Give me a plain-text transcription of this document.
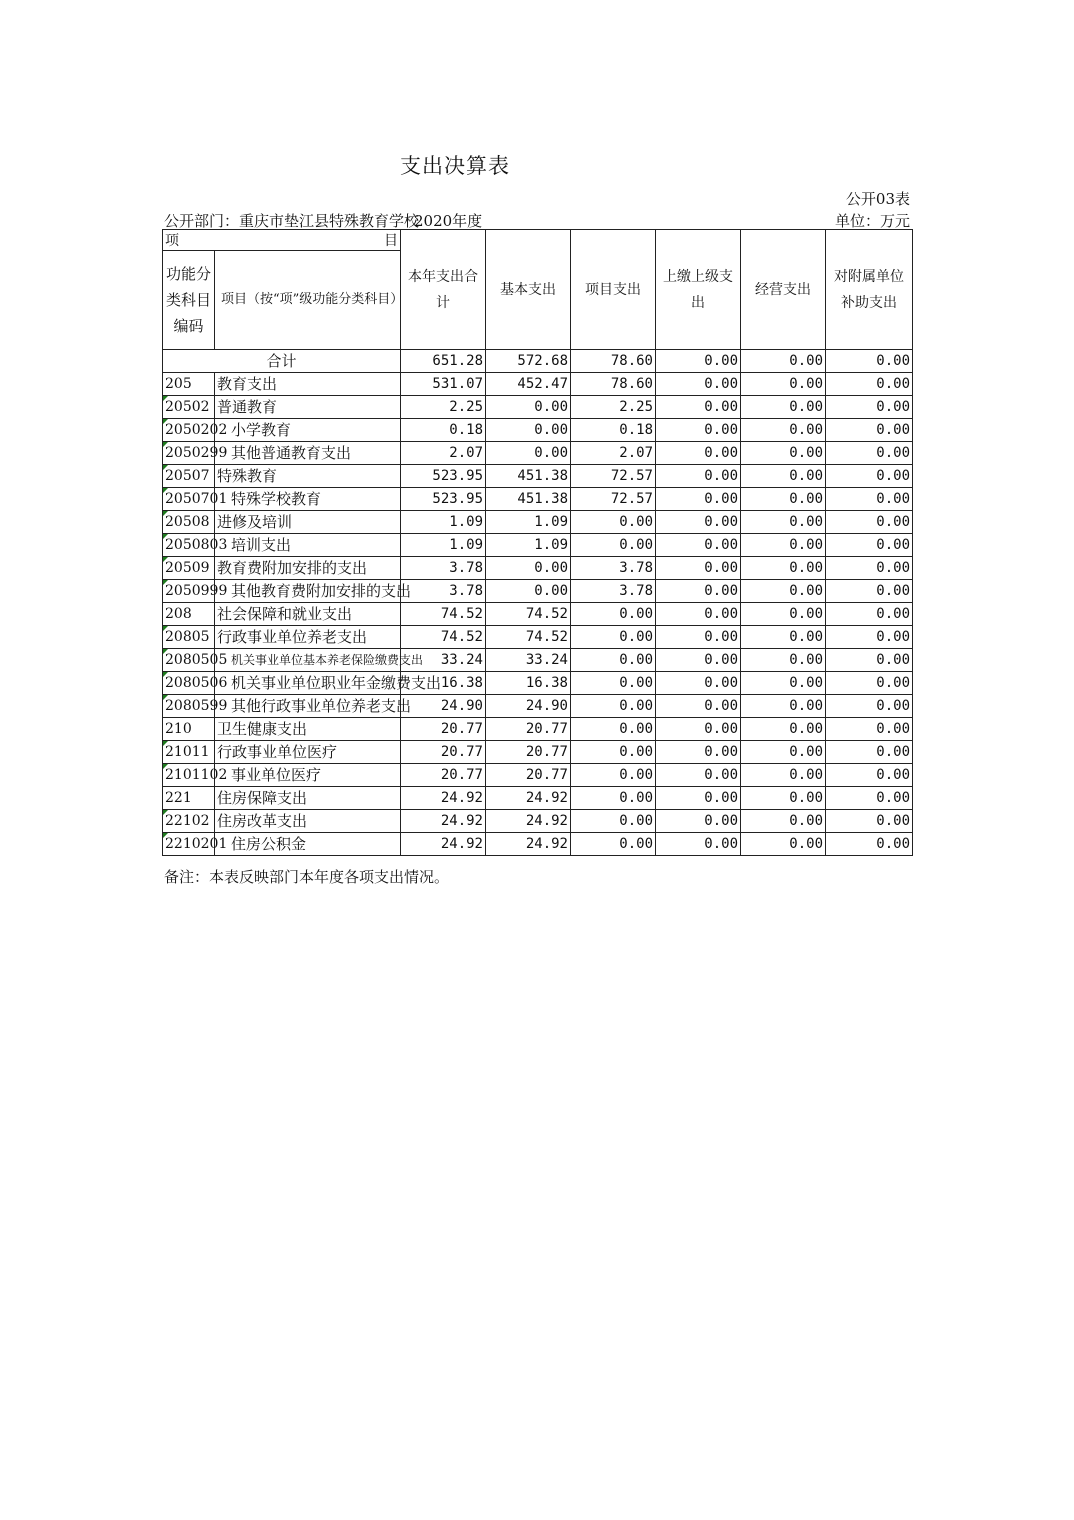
支出决算表
公开03表
公开部门：重庆市垫江县特殊教育学校
2020年度	单位：万元
项 目		本年支出合计	基本支出	项目支出	上缴上级支出	经营支出	对附属单位补助支出
功能分类科目编码	项目（按“项”级功能分类科目）						
合计		651.28	572.68	78.60	0.00	0.00	0.00
205	教育支出	531.07	452.47	78.60	0.00	0.00	0.00
20502	普通教育	2.25	0.00	2.25	0.00	0.00	0.00
2050202	小学教育	0.18	0.00	0.18	0.00	0.00	0.00
2050299	其他普通教育支出	2.07	0.00	2.07	0.00	0.00	0.00
20507	特殊教育	523.95	451.38	72.57	0.00	0.00	0.00
2050701	特殊学校教育	523.95	451.38	72.57	0.00	0.00	0.00
20508	进修及培训	1.09	1.09	0.00	0.00	0.00	0.00
2050803	培训支出	1.09	1.09	0.00	0.00	0.00	0.00
20509	教育费附加安排的支出	3.78	0.00	3.78	0.00	0.00	0.00
2050999	其他教育费附加安排的支出	3.78	0.00	3.78	0.00	0.00	0.00
208	社会保障和就业支出	74.52	74.52	0.00	0.00	0.00	0.00
20805	行政事业单位养老支出	74.52	74.52	0.00	0.00	0.00	0.00
2080505	机关事业单位基本养老保险缴费支出	33.24	33.24	0.00	0.00	0.00	0.00
2080506	机关事业单位职业年金缴费支出	16.38	16.38	0.00	0.00	0.00	0.00
2080599	其他行政事业单位养老支出	24.90	24.90	0.00	0.00	0.00	0.00
210	卫生健康支出	20.77	20.77	0.00	0.00	0.00	0.00
21011	行政事业单位医疗	20.77	20.77	0.00	0.00	0.00	0.00
2101102	事业单位医疗	20.77	20.77	0.00	0.00	0.00	0.00
221	住房保障支出	24.92	24.92	0.00	0.00	0.00	0.00
22102	住房改革支出	24.92	24.92	0.00	0.00	0.00	0.00
2210201	住房公积金	24.92	24.92	0.00	0.00	0.00	0.00
备注：本表反映部门本年度各项支出情况。
